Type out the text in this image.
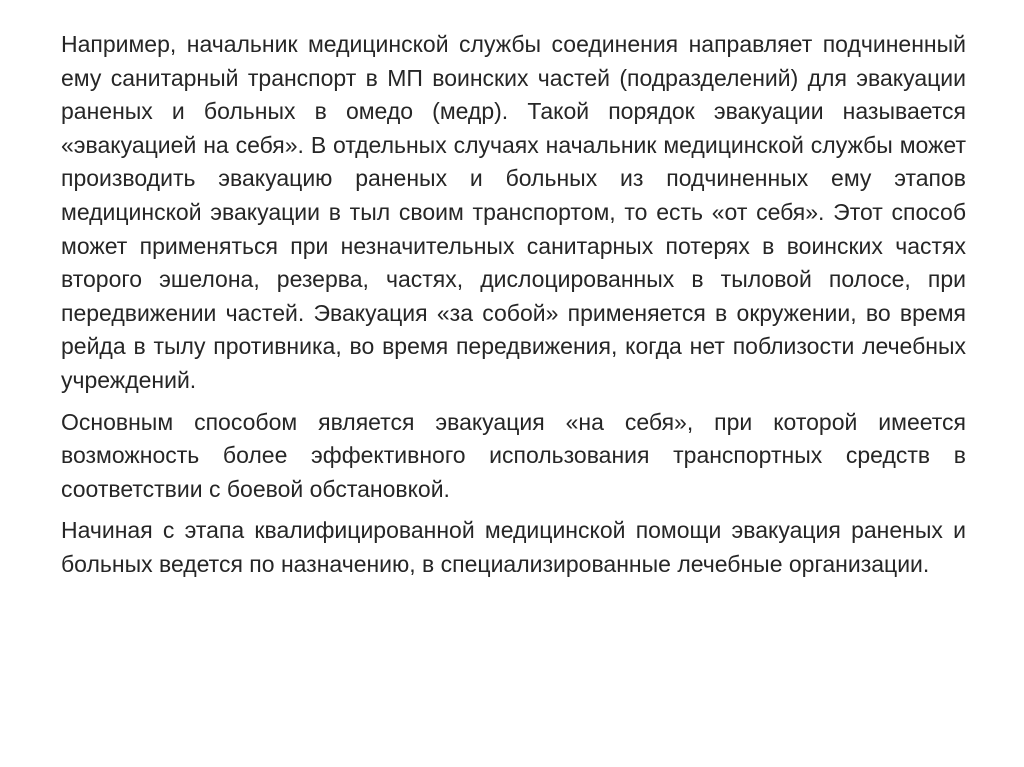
Например, начальник медицинской службы соединения направляет подчиненный ему санитарный транспорт в МП воинских частей (подразделений) для эвакуации раненых и больных в омедо (медр). Такой порядок эвакуации называется «эвакуацией на себя». В отдельных случаях начальник медицинской службы может производить эвакуацию раненых и больных из подчиненных ему этапов медицинской эвакуации в тыл своим транспортом, то есть «от себя». Этот способ может применяться при незначительных санитарных потерях в воинских частях второго эшелона, резерва, частях, дислоцированных в тыловой полосе, при передвижении частей. Эвакуация «за собой» применяется в окружении, во время рейда в тылу противника, во время передвижения, когда нет поблизости лечебных учреждений.

Основным способом является эвакуация «на себя», при которой имеется возможность более эффективного использования транспортных средств в соответствии с боевой обстановкой.

Начиная с этапа квалифицированной медицинской помощи эвакуация раненых и больных ведется по назначению, в специализированные лечебные организации.
